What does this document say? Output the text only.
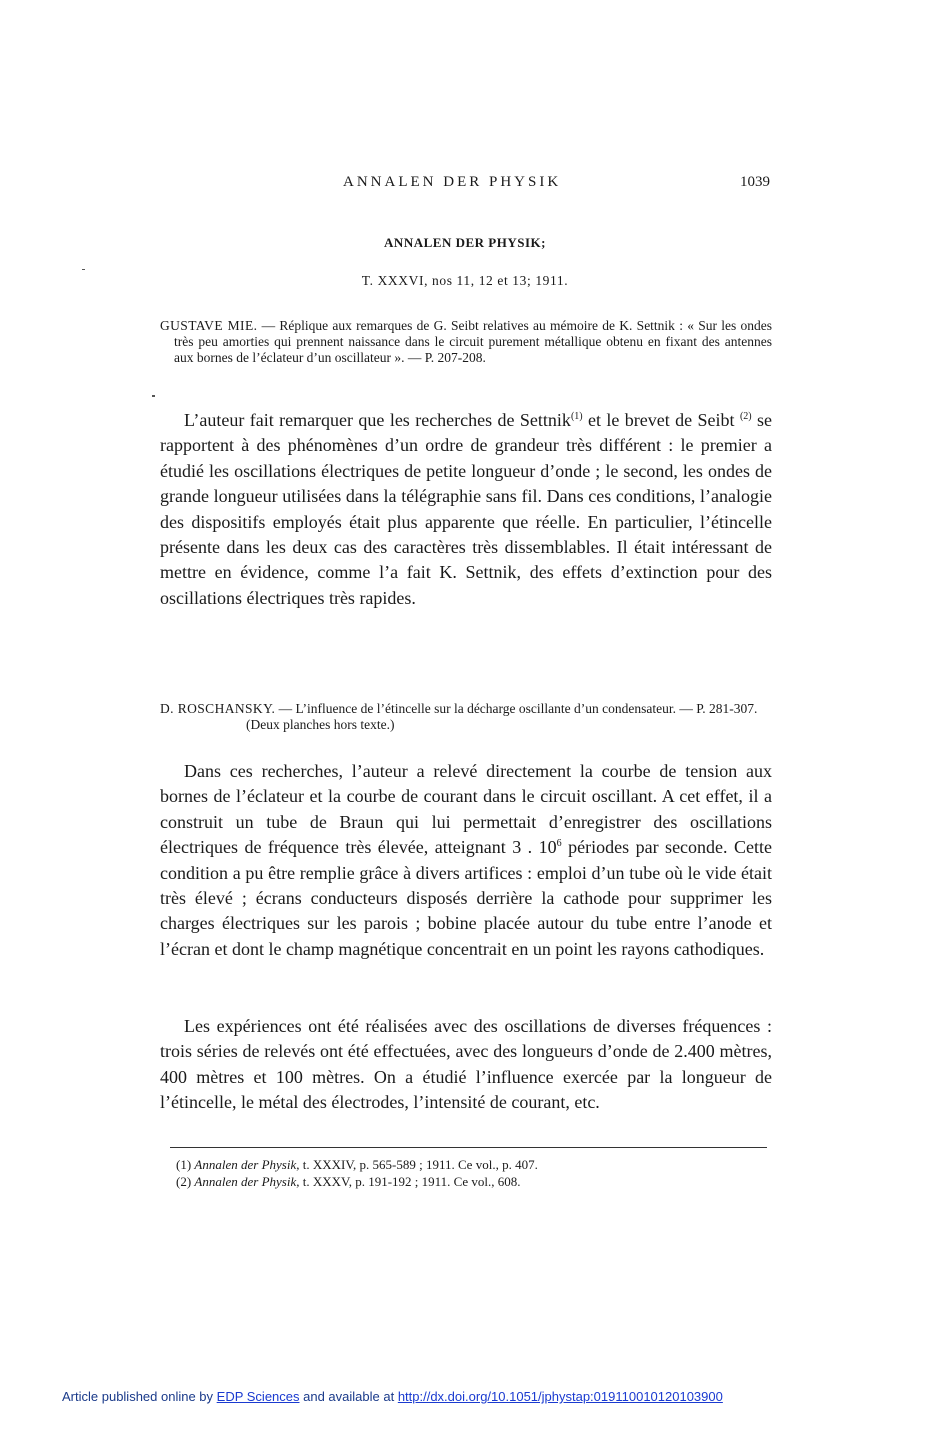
ANNALEN DER PHYSIK	1039
ANNALEN DER PHYSIK;
T. XXXVI, nos 11, 12 et 13; 1911.
GUSTAVE MIE. — Réplique aux remarques de G. Seibt relatives au mémoire de K. Settnik : « Sur les ondes très peu amorties qui prennent naissance dans le circuit purement métallique obtenu en fixant des antennes aux bornes de l’éclateur d’un oscillateur ». — P. 207-208.

L’auteur fait remarquer que les recherches de Settnik$^{(1)}$ et le brevet de Seibt $^{(2)}$ se rapportent à des phénomènes d’un ordre de grandeur très différent : le premier a étudié les oscillations électriques de petite longueur d’onde ; le second, les ondes de grande longueur utilisées dans la télégraphie sans fil. Dans ces conditions, l’analogie des dispositifs employés était plus apparente que réelle. En particulier, l’étincelle présente dans les deux cas des caractères très dissemblables. Il était intéressant de mettre en évidence, comme l’a fait K. Settnik, des effets d’extinction pour des oscillations électriques très rapides.

D. ROSCHANSKY. — L’influence de l’étincelle sur la décharge oscillante d’un condensateur. — P. 281-307. (Deux planches hors texte.)

Dans ces recherches, l’auteur a relevé directement la courbe de tension aux bornes de l’éclateur et la courbe de courant dans le circuit oscillant. A cet effet, il a construit un tube de Braun qui lui permettait d’enregistrer des oscillations électriques de fréquence très élevée, atteignant 3 . $10^6$ périodes par seconde. Cette condition a pu être remplie grâce à divers artifices : emploi d’un tube où le vide était très élevé ; écrans conducteurs disposés derrière la cathode pour supprimer les charges électriques sur les parois ; bobine placée autour du tube entre l’anode et l’écran et dont le champ magnétique concentrait en un point les rayons cathodiques.

Les expériences ont été réalisées avec des oscillations de diverses fréquences : trois séries de relevés ont été effectuées, avec des longueurs d’onde de 2.400 mètres, 400 mètres et 100 mètres. On a étudié l’influence exercée par la longueur de l’étincelle, le métal des électrodes, l’intensité de courant, etc.

(1) Annalen der Physik, t. XXXIV, p. 565-589 ; 1911. Ce vol., p. 407.
(2) Annalen der Physik, t. XXXV, p. 191-192 ; 1911. Ce vol., 608.
Article published online by EDP Sciences and available at http://dx.doi.org/10.1051/jphystap:019110010120103900
